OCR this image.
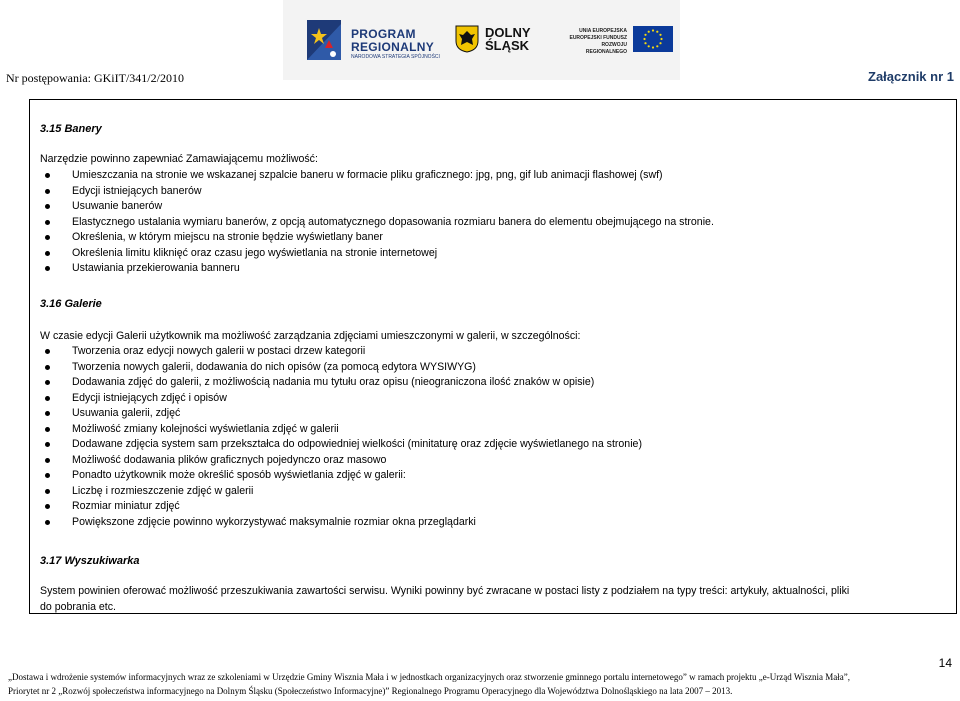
PROGRAM
REGIONALNY
NARODOWA STRATEGIA SPÓJNOŚCI
DOLNY
ŚLĄSK
UNIA EUROPEJSKA
EUROPEJSKI FUNDUSZ
ROZWOJU REGIONALNEGO
Nr postępowania: GKiIT/341/2/2010	Załącznik nr 1
3.15 Banery
Narzędzie powinno zapewniać Zamawiającemu możliwość:
Umieszczania na stronie we wskazanej szpalcie baneru w formacie pliku graficznego: jpg, png, gif lub animacji flashowej (swf)
Edycji istniejących banerów
Usuwanie banerów
Elastycznego ustalania wymiaru banerów, z opcją automatycznego dopasowania rozmiaru banera do elementu obejmującego na stronie.
Określenia, w którym miejscu na stronie będzie wyświetlany baner
Określenia limitu kliknięć oraz czasu jego wyświetlania na stronie internetowej
Ustawiania przekierowania banneru
3.16 Galerie
W czasie edycji Galerii użytkownik ma możliwość zarządzania zdjęciami umieszczonymi w galerii, w szczególności:
Tworzenia oraz edycji nowych galerii w postaci drzew kategorii
Tworzenia nowych galerii, dodawania do nich opisów (za pomocą edytora WYSIWYG)
Dodawania zdjęć do galerii, z możliwością nadania mu tytułu oraz opisu (nieograniczona ilość znaków w opisie)
Edycji istniejących zdjęć i opisów
Usuwania galerii, zdjęć
Możliwość zmiany kolejności wyświetlania zdjęć w galerii
Dodawane zdjęcia system sam przekształca do odpowiedniej wielkości (minitaturę oraz zdjęcie wyświetlanego na stronie)
Możliwość dodawania plików graficznych pojedynczo oraz masowo
Ponadto użytkownik może określić sposób wyświetlania zdjęć w galerii:
Liczbę i rozmieszczenie zdjęć w galerii
Rozmiar miniatur zdjęć
Powiększone zdjęcie powinno wykorzystywać maksymalnie rozmiar okna przeglądarki
3.17 Wyszukiwarka
System powinien oferować możliwość przeszukiwania zawartości serwisu. Wyniki powinny być zwracane w postaci listy z podziałem na typy treści: artykuły, aktualności, pliki do pobrania etc.
14
„Dostawa i wdrożenie systemów informacyjnych wraz ze szkoleniami w Urzędzie Gminy Wisznia Mała i w jednostkach organizacyjnych oraz stworzenie gminnego portalu internetowego” w ramach projektu „e-Urząd Wisznia Mała”,
Priorytet nr 2 „Rozwój społeczeństwa informacyjnego na Dolnym Śląsku (Społeczeństwo Informacyjne)” Regionalnego Programu Operacyjnego dla Województwa Dolnośląskiego na lata 2007 – 2013.
